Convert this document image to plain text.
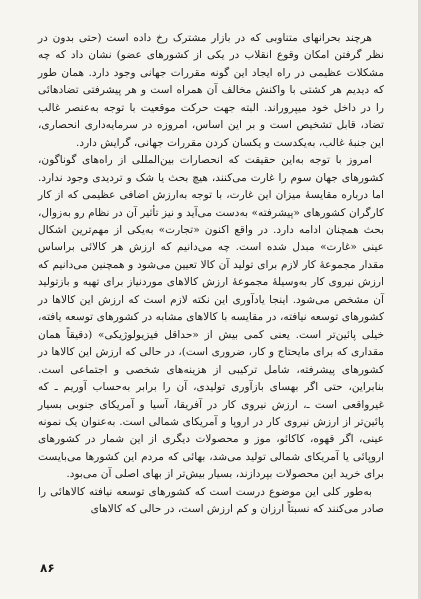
هرچند بحرانهای متناوبی که در بازار مشترک رخ داده است (حتی بدون در نظر گرفتن امکان وقوع انقلاب در یکی از کشورهای عضو) نشان داد که چه مشکلات عظیمی در راه ایجاد این گونه مقررات جهانی وجود دارد. همان طور که دیدیم هر کشتی با واکنش مخالف آن همراه است و هر پیشرفتی تضادهائی را در داخل خود میپروراند. البته جهت حرکت موقعیت با توجه به‌عنصر غالب تضاد، قابل تشخیص است و بر این اساس، امروزه در سرمایه‌داری انحصاری، این جنبهٔ غالب، به‌یکدست و یکسان کردن مقررات جهانی، گرایش دارد.

امروز با توجه به‌این حقیقت که انحصارات بین‌المللی از راه‌های گوناگون، کشورهای جهان سوم را غارت می‌کنند، هیچ بحث یا شک و تردیدی وجود ندارد. اما درباره مقایسهٔ میزان این غارت، با توجه به‌ارزش اضافی عظیمی که از کار کارگران کشورهای «پیشرفته» به‌دست می‌آید و نیز تأثیر آن در نظام رو به‌زوال، بحث همچنان ادامه دارد. در واقع اکنون «تجارت» به‌یکی از مهم‌ترین اشکال عینی «غارت» مبدل شده است. چه می‌دانیم که ارزش هر کالائی براساس مقدار مجموعهٔ کار لازم برای تولید آن کالا تعیین می‌شود و همچنین می‌دانیم که ارزش نیروی کار به‌وسیلهٔ مجموعهٔ ارزش کالاهای موردنیاز برای تهیه و بازتولید آن مشخص می‌شود. اینجا یادآوری این نکته لازم است که ارزش این کالاها در کشورهای توسعه نیافته، در مقایسه با کالاهای مشابه در کشورهای توسعه یافته، خیلی پائین‌تر است. یعنی کمی بیش از «حداقل فیزیولوژیکی» (دقیقاً همان مقداری که برای مایحتاج و کار، ضروری است)، در حالی که ارزش این کالاها در کشورهای پیشرفته، شامل ترکیبی از هزینه‌های شخصی و اجتماعی است. بنابراین، حتی اگر بهسای بازآوری تولیدی، آن را برابر به‌حساب آوریم ـ که غیرواقعی است ـ، ارزش نیروی کار در آفریقا، آسیا و آمریکای جنوبی بسیار پائین‌تر از ارزش نیروی کار در اروپا و آمریکای شمالی است. به‌عنوان یک نمونه عینی، اگر قهوه، کاکائو، موز و محصولات دیگری از این شمار در کشورهای اروپائی یا آمریکای شمالی تولید می‌شد، بهائی که مردم این کشورها می‌بایست برای خرید این محصولات بپردازند، بسیار بیش‌تر از بهای اصلی آن می‌بود.

به‌طور کلی این موضوع درست است که کشورهای توسعه نیافته کالاهائی را صادر می‌کنند که نسبتاً ارزان و کم ارزش است، در حالی که کالاهای

۸۶
